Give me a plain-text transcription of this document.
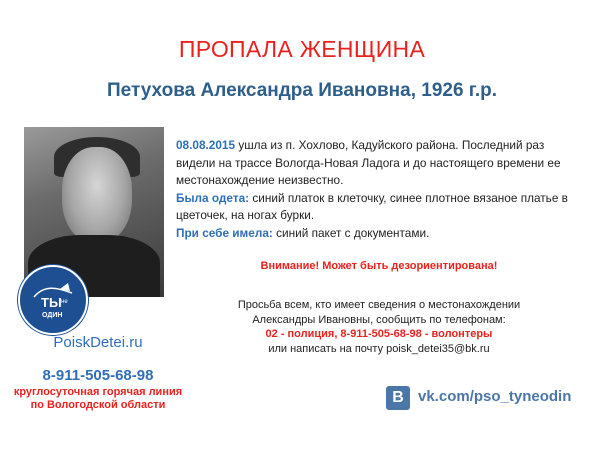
ПРОПАЛА ЖЕНЩИНА
Петухова Александра Ивановна, 1926 г.р.
ТЫ не
ОДИН
08.08.2015 ушла из п. Хохлово, Кадуйского района. Последний раз видели на трассе Вологда-Новая Ладога и до настоящего времени ее местонахождение неизвестно.
Была одета: синий платок в клеточку, синее плотное вязаное платье в цветочек, на ногах бурки.
При себе имела: синий пакет с документами.
Внимание! Может быть дезориентирована!
Просьба всем, кто имеет сведения о местонахождении
Александры Ивановны, сообщить по телефонам:
02 - полиция, 8-911-505-68-98 - волонтеры
или написать на почту poisk_detei35@bk.ru
PoiskDetei.ru
8-911-505-68-98
круглосуточная горячая линия
по Вологодской области	В vk.com/pso_tyneodin
